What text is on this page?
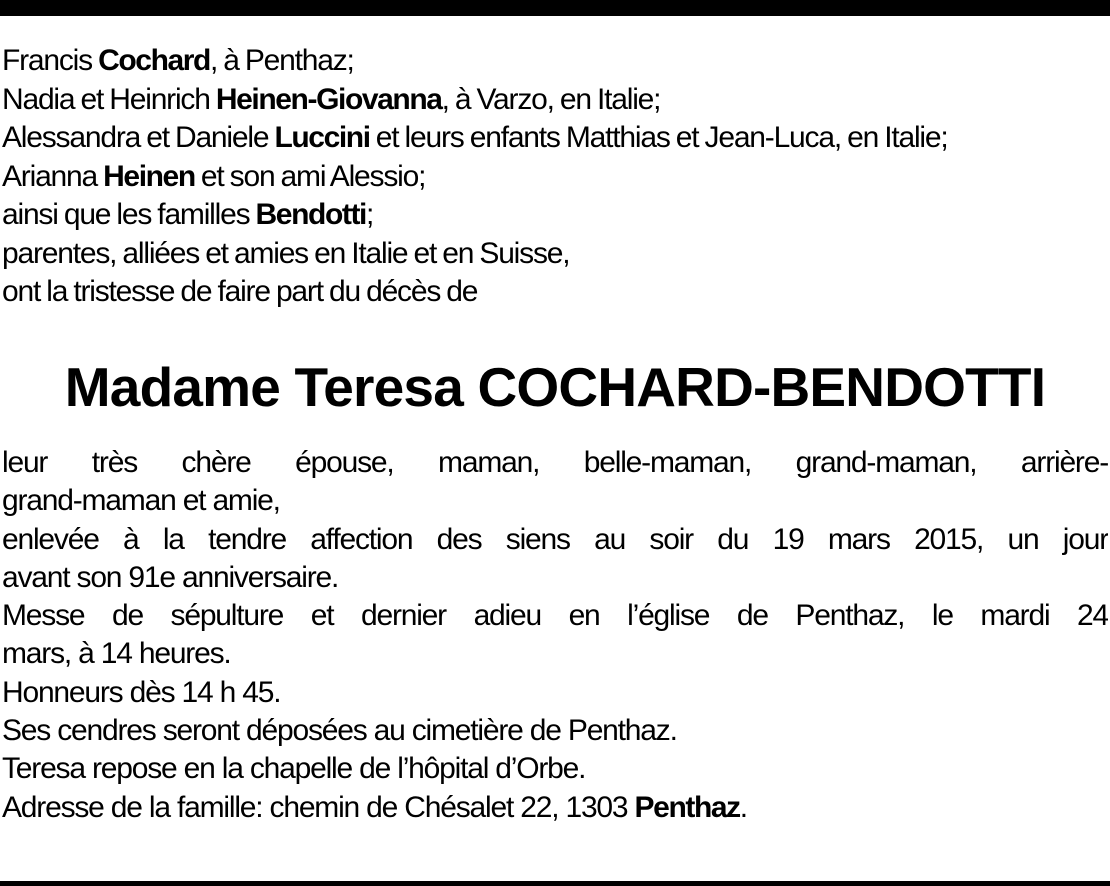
Francis Cochard, à Penthaz;
Nadia et Heinrich Heinen-Giovanna, à Varzo, en Italie;
Alessandra et Daniele Luccini et leurs enfants Matthias et Jean-Luca, en Italie;
Arianna Heinen et son ami Alessio;
ainsi que les familles Bendotti;
parentes, alliées et amies en Italie et en Suisse,
ont la tristesse de faire part du décès de
Madame Teresa COCHARD-BENDOTTI
leur très chère épouse, maman, belle-maman, grand-maman, arrière-
grand-maman et amie,
enlevée à la tendre affection des siens au soir du 19 mars 2015, un jour
avant son 91e anniversaire.
Messe de sépulture et dernier adieu en l’église de Penthaz, le mardi 24
mars, à 14 heures.
Honneurs dès 14 h 45.
Ses cendres seront déposées au cimetière de Penthaz.
Teresa repose en la chapelle de l’hôpital d’Orbe.
Adresse de la famille: chemin de Chésalet 22, 1303 Penthaz.
